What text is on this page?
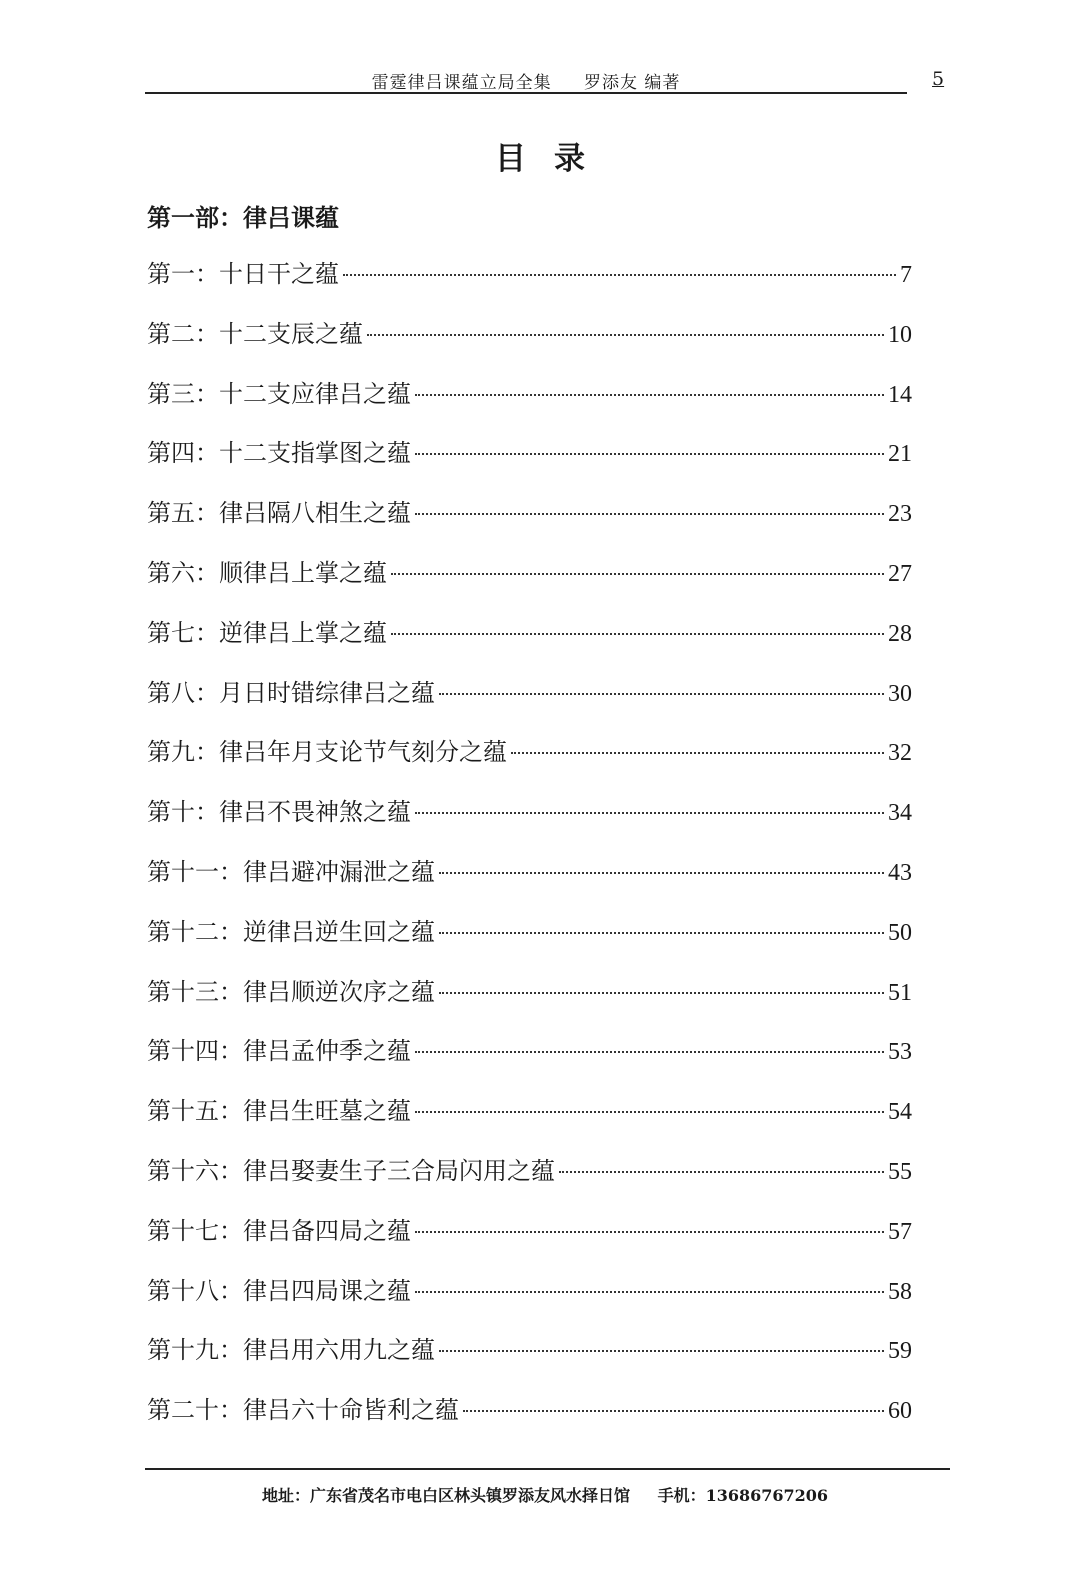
雷霆律吕课蕴立局全集 罗添友 编著	5
目录
第一部：律吕课蕴
第一： 十日干之蕴	7
第二： 十二支辰之蕴	10
第三： 十二支应律吕之蕴	14
第四： 十二支指掌图之蕴	21
第五： 律吕隔八相生之蕴	23
第六： 顺律吕上掌之蕴	27
第七： 逆律吕上掌之蕴	28
第八： 月日时错综律吕之蕴	30
第九： 律吕年月支论节气刻分之蕴	32
第十： 律吕不畏神煞之蕴	34
第十一： 律吕避冲漏泄之蕴	43
第十二： 逆律吕逆生回之蕴	50
第十三： 律吕顺逆次序之蕴	51
第十四： 律吕孟仲季之蕴	53
第十五： 律吕生旺墓之蕴	54
第十六： 律吕娶妻生子三合局闪用之蕴	55
第十七： 律吕备四局之蕴	57
第十八： 律吕四局课之蕴	58
第十九： 律吕用六用九之蕴	59
第二十： 律吕六十命皆利之蕴	60
地址：广东省茂名市电白区林头镇罗添友风水择日馆 手机：13686767206
